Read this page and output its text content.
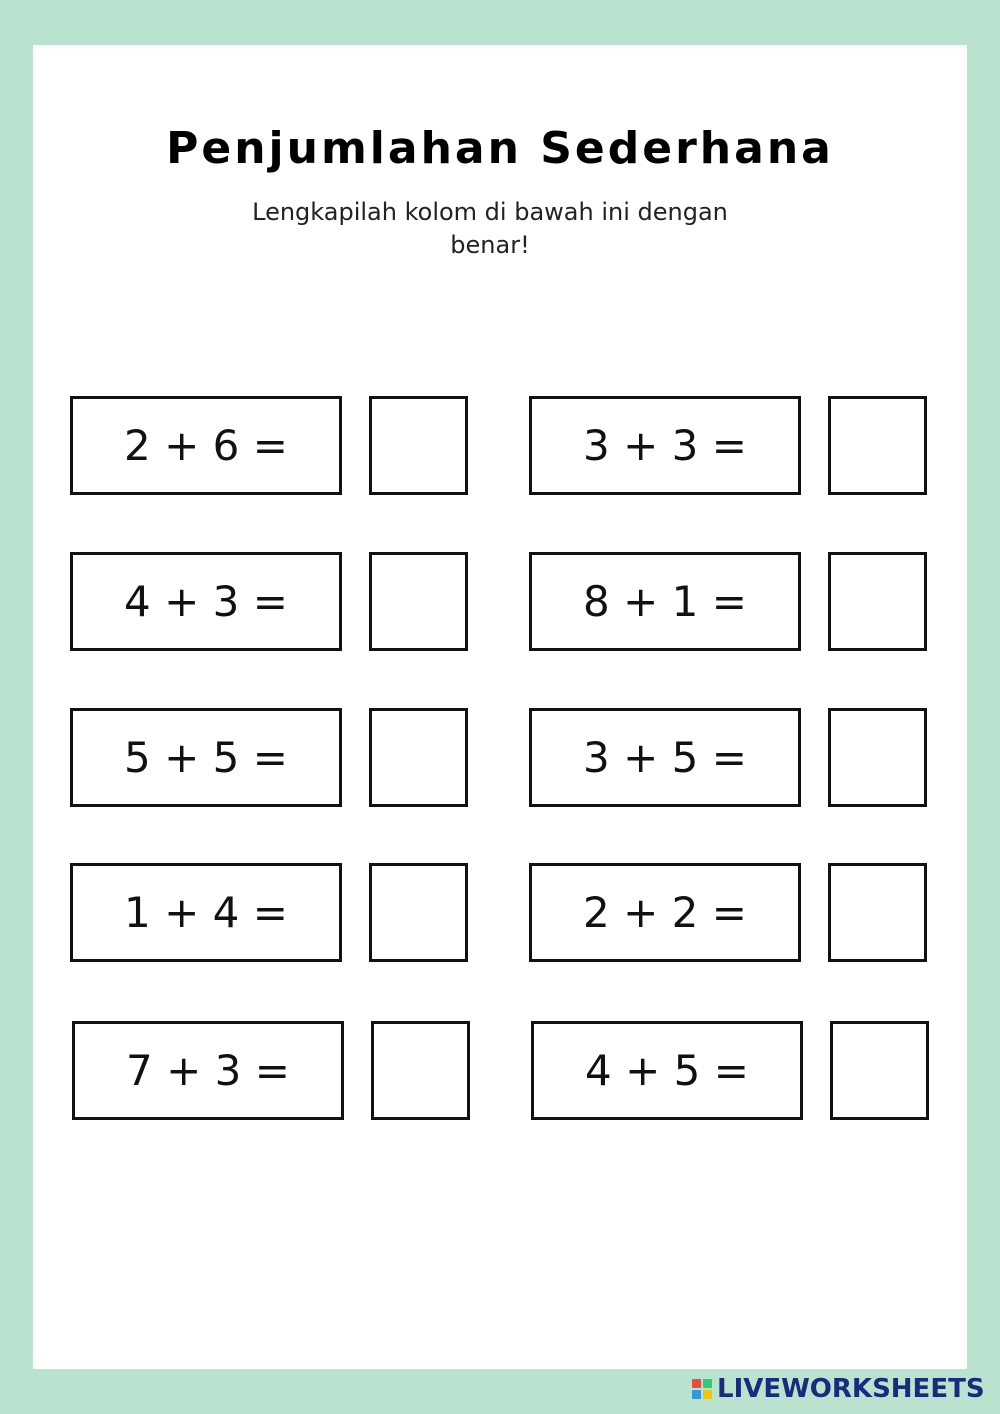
Penjumlahan Sederhana
Lengkapilah kolom di bawah ini dengan
benar!
2 + 6 =	3 + 3 =
4 + 3 =	8 + 1 =
5 + 5 =	3 + 5 =
1 + 4 =	2 + 2 =
7 + 3 =	4 + 5 =
LIVEWORKSHEETS
